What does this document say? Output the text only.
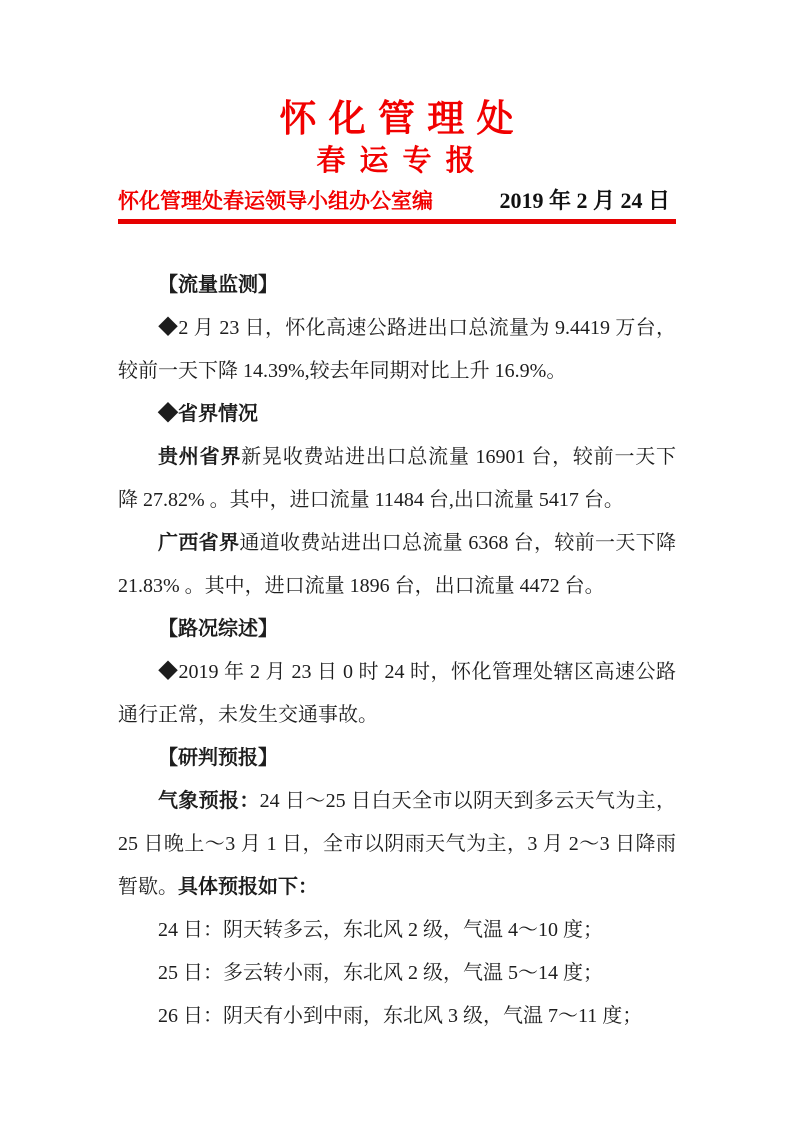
怀 化 管 理 处
春 运 专 报
怀化管理处春运领导小组办公室编	2019 年 2 月 24 日

【流量监测】

◆2 月 23 日，怀化高速公路进出口总流量为 9.4419 万台，较前一天下降 14.39%,较去年同期对比上升 16.9%。

◆省界情况

贵州省界新晃收费站进出口总流量 16901 台，较前一天下降 27.82% 。其中，进口流量 11484 台,出口流量 5417 台。

广西省界通道收费站进出口总流量 6368 台，较前一天下降 21.83% 。其中，进口流量 1896 台，出口流量 4472 台。

【路况综述】

◆2019 年 2 月 23 日 0 时 24 时，怀化管理处辖区高速公路通行正常，未发生交通事故。

【研判预报】

气象预报：24 日～25 日白天全市以阴天到多云天气为主，25 日晚上～3 月 1 日，全市以阴雨天气为主，3 月 2～3 日降雨暂歇。具体预报如下：

24 日：阴天转多云，东北风 2 级，气温 4～10 度；

25 日：多云转小雨，东北风 2 级，气温 5～14 度；

26 日：阴天有小到中雨，东北风 3 级，气温 7～11 度；
